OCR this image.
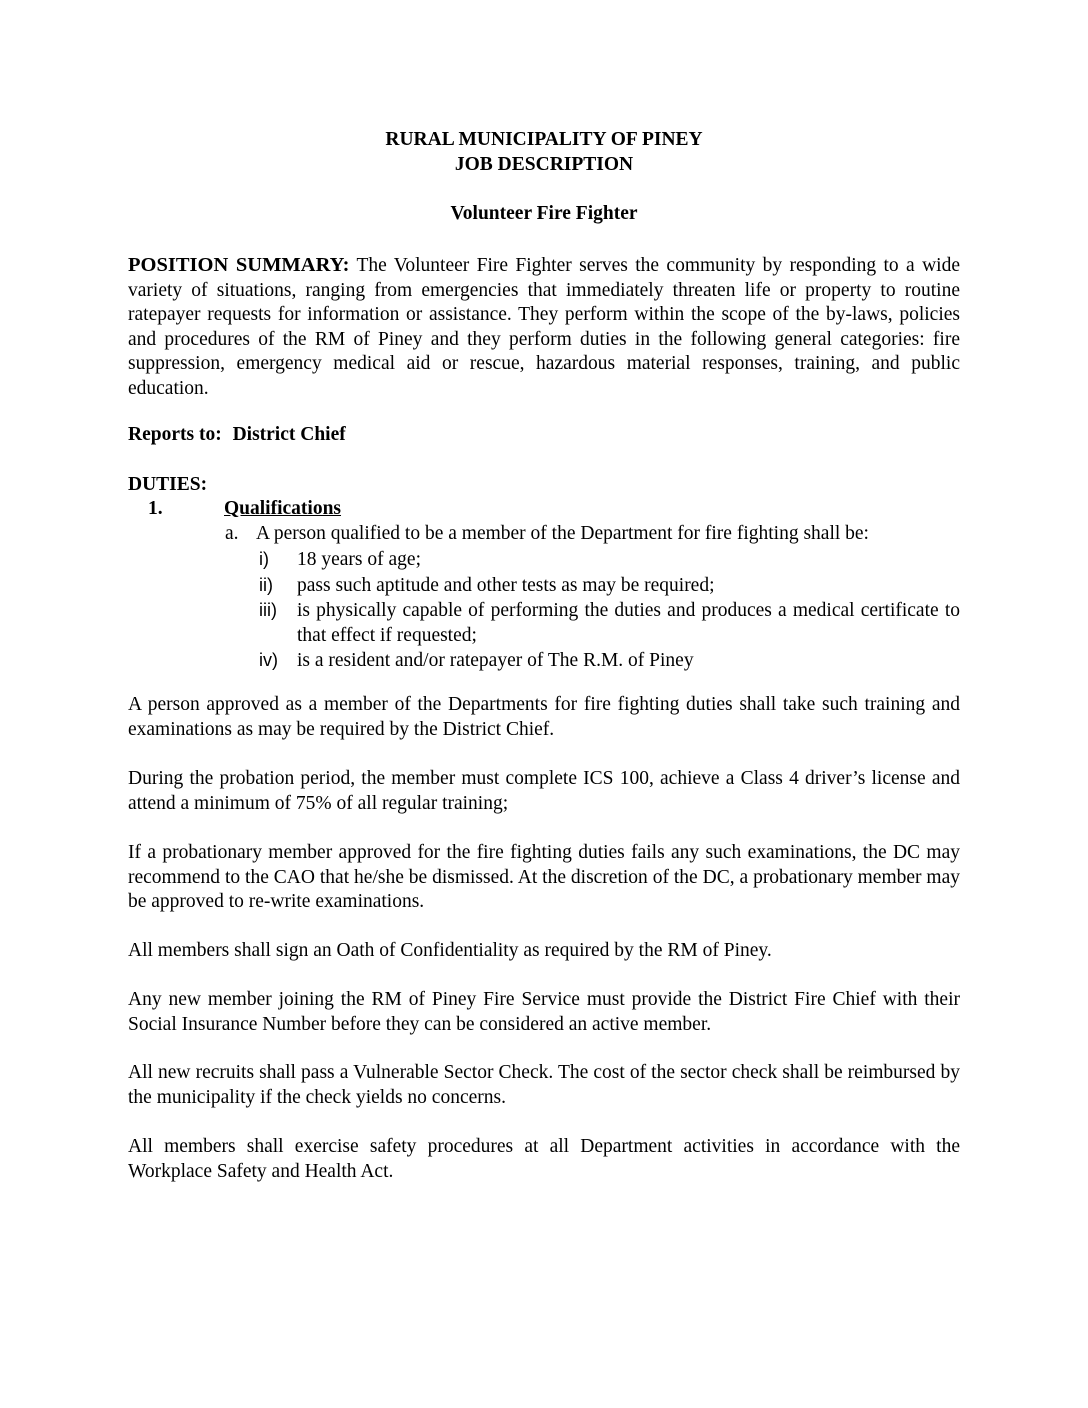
RURAL MUNICIPALITY OF PINEY
JOB DESCRIPTION
Volunteer Fire Fighter

POSITION SUMMARY: The Volunteer Fire Fighter serves the community by responding to a wide variety of situations, ranging from emergencies that immediately threaten life or property to routine ratepayer requests for information or assistance. They perform within the scope of the by-laws, policies and procedures of the RM of Piney and they perform duties in the following general categories: fire suppression, emergency medical aid or rescue, hazardous material responses, training, and public education.

Reports to: District Chief
DUTIES:
1.	Qualifications
a. A person qualified to be a member of the Department for fire fighting shall be:
i)	18 years of age;
ii)	pass such aptitude and other tests as may be required;
iii)	is physically capable of performing the duties and produces a medical certificate to that effect if requested;
iv) is a resident and/or ratepayer of The R.M. of Piney

A person approved as a member of the Departments for fire fighting duties shall take such training and examinations as may be required by the District Chief.

During the probation period, the member must complete ICS 100, achieve a Class 4 driver’s license and attend a minimum of 75% of all regular training;

If a probationary member approved for the fire fighting duties fails any such examinations, the DC may recommend to the CAO that he/she be dismissed. At the discretion of the DC, a probationary member may be approved to re-write examinations.

All members shall sign an Oath of Confidentiality as required by the RM of Piney.

Any new member joining the RM of Piney Fire Service must provide the District Fire Chief with their Social Insurance Number before they can be considered an active member.

All new recruits shall pass a Vulnerable Sector Check. The cost of the sector check shall be reimbursed by the municipality if the check yields no concerns.

All members shall exercise safety procedures at all Department activities in accordance with the Workplace Safety and Health Act.
